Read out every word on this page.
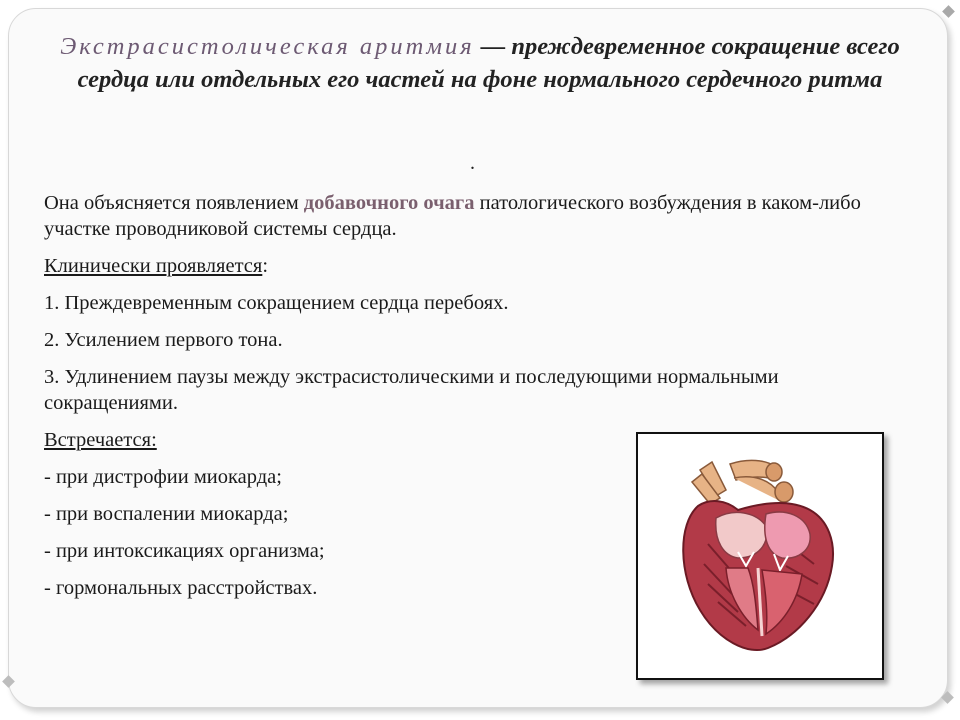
Экстрасистолическая аритмия — преждевременное сокращение всего сердца или отдельных его частей на фоне нормального сердечного ритма
.

Она объясняется появлением добавочного очага патологического возбуждения в каком-либо участке проводниковой системы сердца.

Клинически проявляется:

1. Преждевременным сокращением сердца перебоях.

2. Усилением первого тона.

3. Удлинением паузы между экстрасистолическими и последующими нормальными сокращениями.

Встречается:

- при дистрофии миокарда;

- при воспалении миокарда;

- при интоксикациях организма;

- гормональных расстройствах.
